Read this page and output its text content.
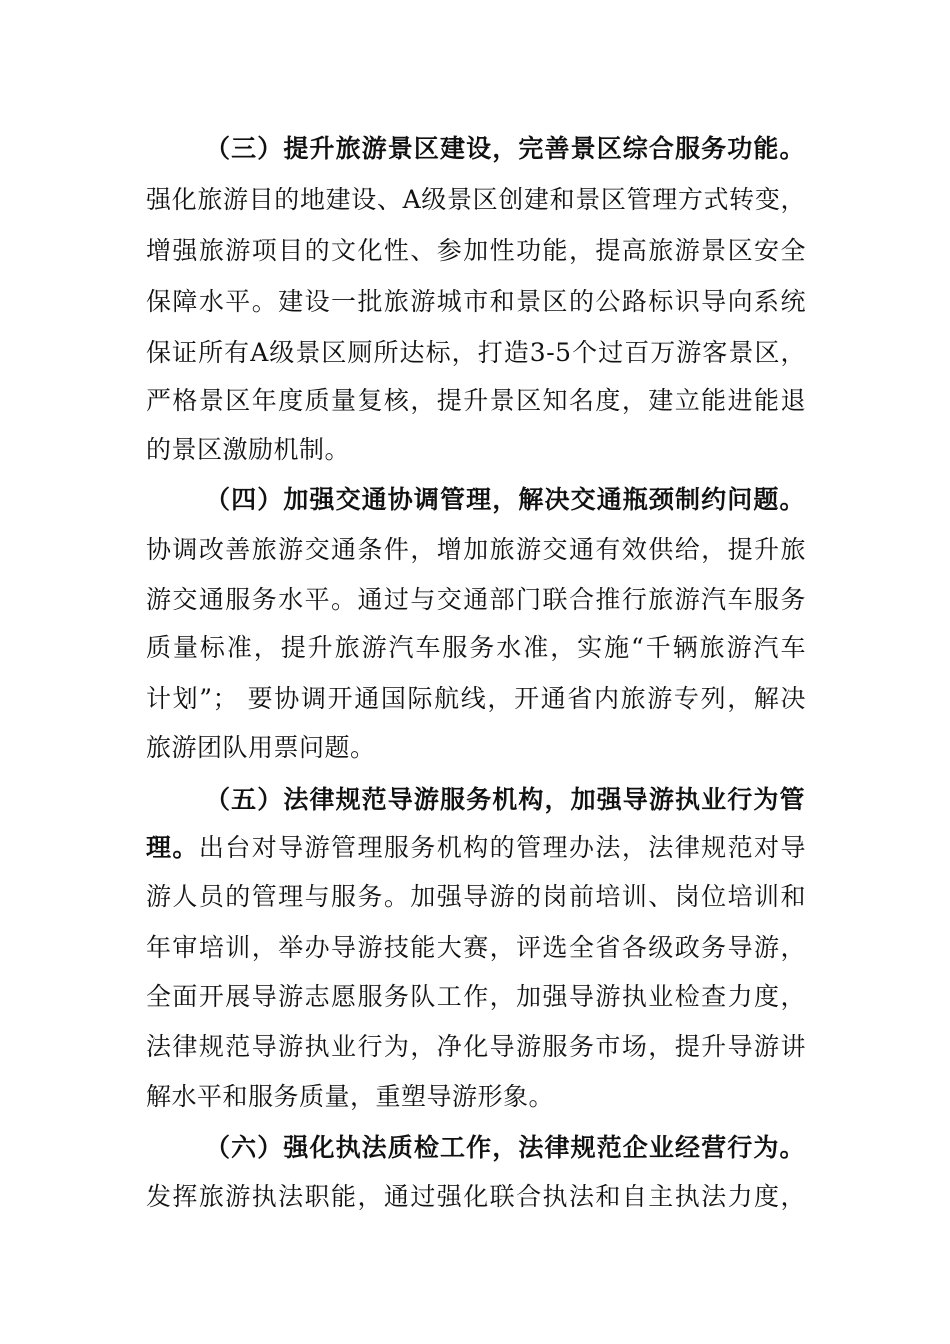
（三）提升旅游景区建设，完善景区综合服务功能。
强化旅游目的地建设、A级景区创建和景区管理方式转变，
增强旅游项目的文化性、参加性功能，提高旅游景区安全
保障水平。建设一批旅游城市和景区的公路标识导向系统
保证所有A级景区厕所达标，打造3-5个过百万游客景区，
严格景区年度质量复核，提升景区知名度，建立能进能退
的景区激励机制。
（四）加强交通协调管理，解决交通瓶颈制约问题。
协调改善旅游交通条件，增加旅游交通有效供给，提升旅
游交通服务水平。通过与交通部门联合推行旅游汽车服务
质量标准，提升旅游汽车服务水准，实施“千辆旅游汽车
计划”； 要协调开通国际航线，开通省内旅游专列，解决
旅游团队用票问题。
（五）法律规范导游服务机构，加强导游执业行为管
理。出台对导游管理服务机构的管理办法，法律规范对导
游人员的管理与服务。加强导游的岗前培训、岗位培训和
年审培训，举办导游技能大赛，评选全省各级政务导游，
全面开展导游志愿服务队工作，加强导游执业检查力度，
法律规范导游执业行为，净化导游服务市场，提升导游讲
解水平和服务质量，重塑导游形象。
（六）强化执法质检工作，法律规范企业经营行为。
发挥旅游执法职能，通过强化联合执法和自主执法力度，
